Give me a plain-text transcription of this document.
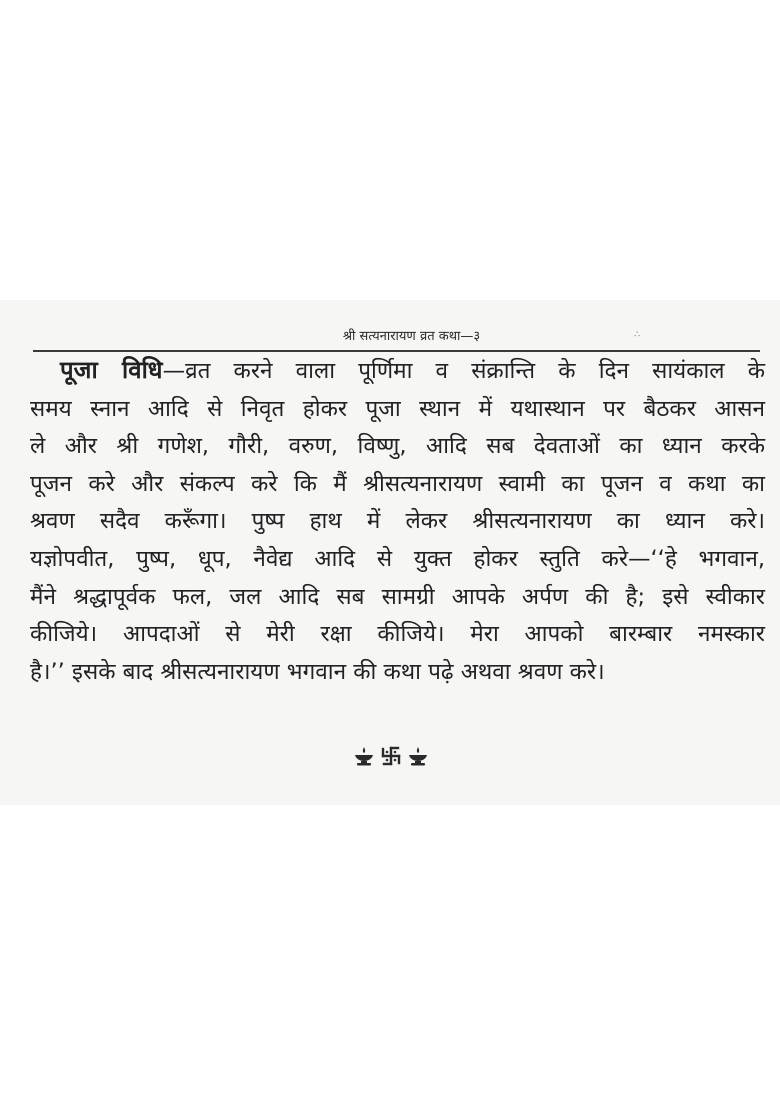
श्री सत्यनारायण व्रत कथा—३	∴
पूजा विधि—व्रत करने वाला पूर्णिमा व संक्रान्ति के दिन सायंकाल के
समय स्नान आदि से निवृत होकर पूजा स्थान में यथास्थान पर बैठकर आसन
ले और श्री गणेश, गौरी, वरुण, विष्णु, आदि सब देवताओं का ध्यान करके
पूजन करे और संकल्प करे कि मैं श्रीसत्यनारायण स्वामी का पूजन व कथा का
श्रवण सदैव करूँगा। पुष्प हाथ में लेकर श्रीसत्यनारायण का ध्यान करे।
यज्ञोपवीत, पुष्प, धूप, नैवेद्य आदि से युक्त होकर स्तुति करे—‘‘हे भगवान,
मैंने श्रद्धापूर्वक फल, जल आदि सब सामग्री आपके अर्पण की है; इसे स्वीकार
कीजिये। आपदाओं से मेरी रक्षा कीजिये। मेरा आपको बारम्बार नमस्कार
है।’’ इसके बाद श्रीसत्यनारायण भगवान की कथा पढ़े अथवा श्रवण करे।
